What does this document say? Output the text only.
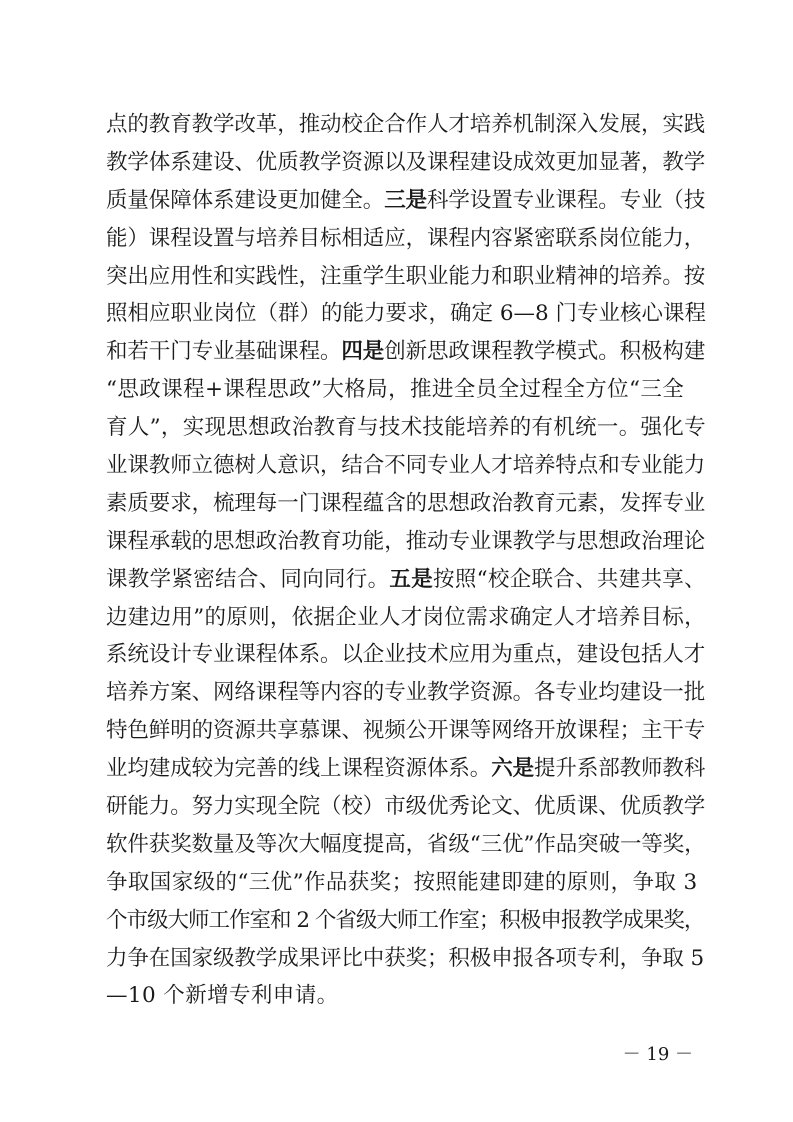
点的教育教学改革，推动校企合作人才培养机制深入发展，实践
教学体系建设、优质教学资源以及课程建设成效更加显著，教学
质量保障体系建设更加健全。三是科学设置专业课程。专业（技
能）课程设置与培养目标相适应，课程内容紧密联系岗位能力，
突出应用性和实践性，注重学生职业能力和职业精神的培养。按
照相应职业岗位（群）的能力要求，确定 6—8 门专业核心课程
和若干门专业基础课程。四是创新思政课程教学模式。积极构建
“思政课程+课程思政”大格局，推进全员全过程全方位“三全
育人”，实现思想政治教育与技术技能培养的有机统一。强化专
业课教师立德树人意识，结合不同专业人才培养特点和专业能力
素质要求，梳理每一门课程蕴含的思想政治教育元素，发挥专业
课程承载的思想政治教育功能，推动专业课教学与思想政治理论
课教学紧密结合、同向同行。五是按照“校企联合、共建共享、
边建边用”的原则，依据企业人才岗位需求确定人才培养目标，
系统设计专业课程体系。以企业技术应用为重点，建设包括人才
培养方案、网络课程等内容的专业教学资源。各专业均建设一批
特色鲜明的资源共享慕课、视频公开课等网络开放课程；主干专
业均建成较为完善的线上课程资源体系。六是提升系部教师教科
研能力。努力实现全院（校）市级优秀论文、优质课、优质教学
软件获奖数量及等次大幅度提高，省级“三优”作品突破一等奖，
争取国家级的“三优”作品获奖；按照能建即建的原则，争取 3
个市级大师工作室和 2 个省级大师工作室；积极申报教学成果奖，
力争在国家级教学成果评比中获奖；积极申报各项专利，争取 5
—10 个新增专利申请。
－ 19 －
